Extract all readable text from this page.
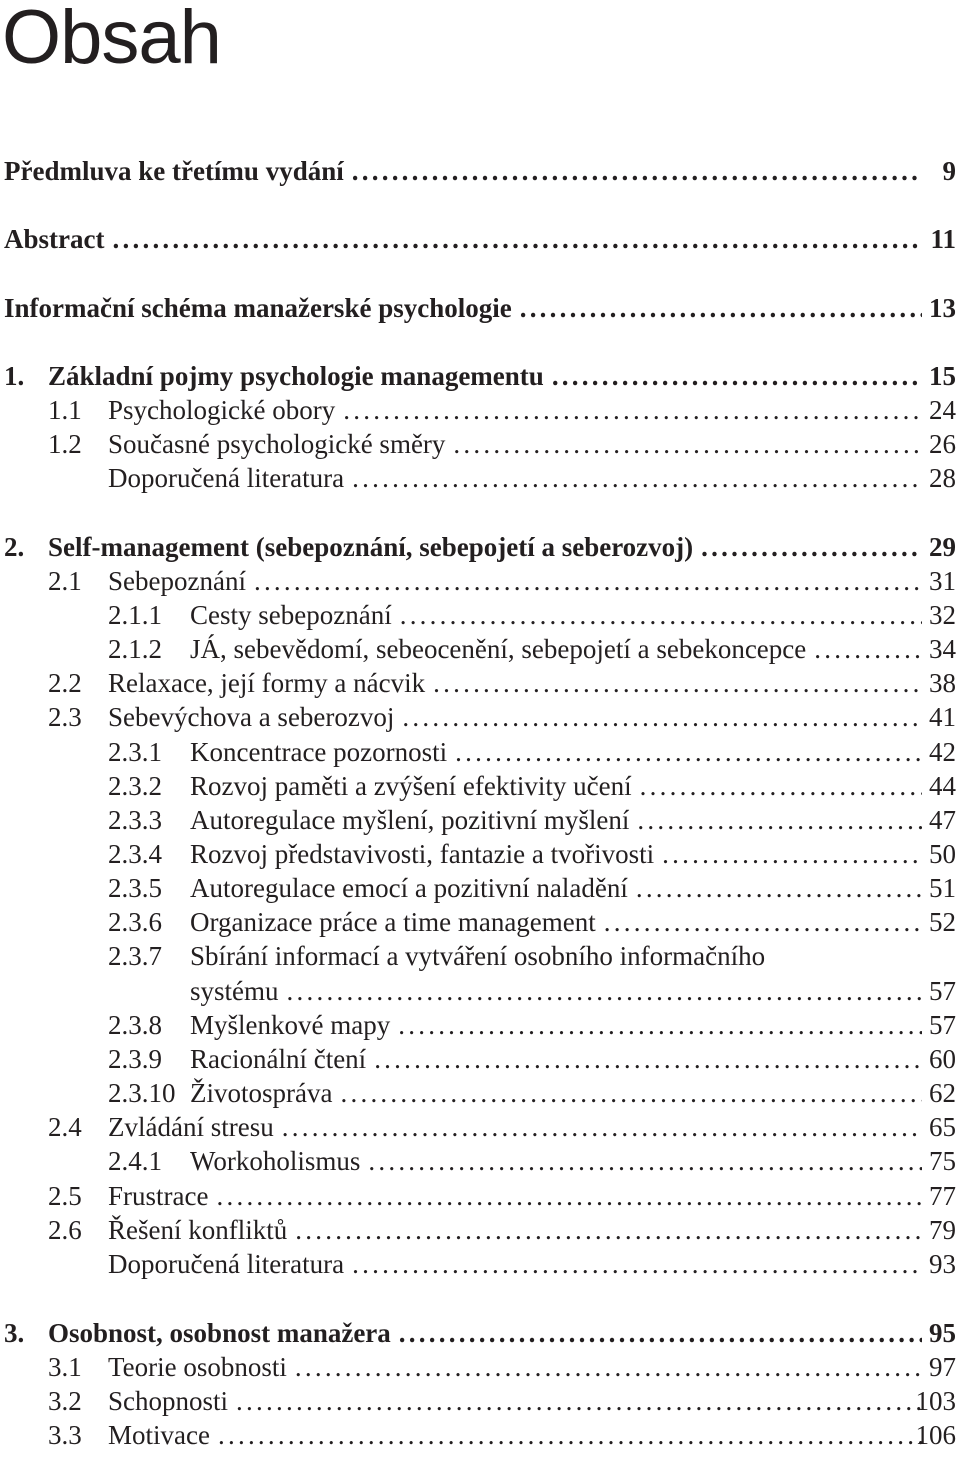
Obsah
Předmluva ke třetímu vydání .....	9
Abstract .....	11
Informační schéma manažerské psychologie .....	13
1. Základní pojmy psychologie managementu .....	15
1.1 Psychologické obory .....	24
1.2 Současné psychologické směry .....	26
Doporučená literatura .....	28
2. Self-management (sebepoznání, sebepojetí a seberozvoj) .....	29
2.1 Sebepoznání .....	31
2.1.1 Cesty sebepoznání .....	32
2.1.2 JÁ, sebevědomí, sebeocenění, sebepojetí a sebekoncepce .....	34
2.2 Relaxace, její formy a nácvik .....	38
2.3 Sebevýchova a seberozvoj .....	41
2.3.1 Koncentrace pozornosti .....	42
2.3.2 Rozvoj paměti a zvýšení efektivity učení .....	44
2.3.3 Autoregulace myšlení, pozitivní myšlení .....	47
2.3.4 Rozvoj představivosti, fantazie a tvořivosti .....	50
2.3.5 Autoregulace emocí a pozitivní naladění .....	51
2.3.6 Organizace práce a time management .....	52
2.3.7 Sbírání informací a vytváření osobního informačního
systému .....	57
2.3.8 Myšlenkové mapy .....	57
2.3.9 Racionální čtení .....	60
2.3.10 Životospráva .....	62
2.4 Zvládání stresu .....	65
2.4.1 Workoholismus .....	75
2.5 Frustrace .....	77
2.6 Řešení konfliktů .....	79
Doporučená literatura .....	93
3. Osobnost, osobnost manažera .....	95
3.1 Teorie osobnosti .....	97
3.2 Schopnosti .....	103
3.3 Motivace .....	106
